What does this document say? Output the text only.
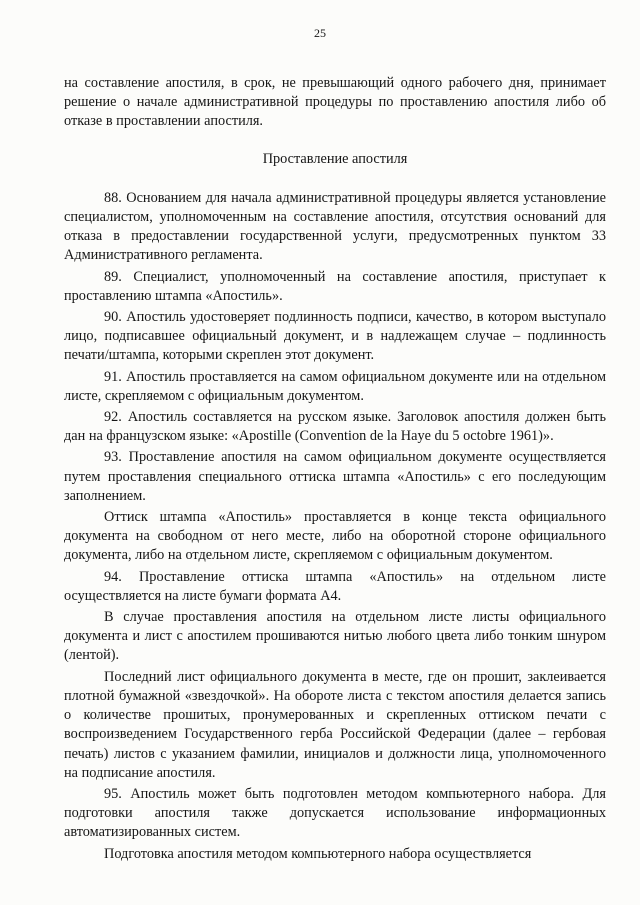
25

на составление апостиля, в срок, не превышающий одного рабочего дня, принимает решение о начале административной процедуры по проставлению апостиля либо об отказе в проставлении апостиля.

Проставление апостиля

88. Основанием для начала административной процедуры является установление специалистом, уполномоченным на составление апостиля, отсутствия оснований для отказа в предоставлении государственной услуги, предусмотренных пунктом 33 Административного регламента.

89. Специалист, уполномоченный на составление апостиля, приступает к проставлению штампа «Апостиль».

90. Апостиль удостоверяет подлинность подписи, качество, в котором выступало лицо, подписавшее официальный документ, и в надлежащем случае – подлинность печати/штампа, которыми скреплен этот документ.

91. Апостиль проставляется на самом официальном документе или на отдельном листе, скрепляемом с официальным документом.

92. Апостиль составляется на русском языке. Заголовок апостиля должен быть дан на французском языке: «Apostille (Convention de la Haye du 5 octobre 1961)».

93. Проставление апостиля на самом официальном документе осуществляется путем проставления специального оттиска штампа «Апостиль» с его последующим заполнением.

Оттиск штампа «Апостиль» проставляется в конце текста официального документа на свободном от него месте, либо на оборотной стороне официального документа, либо на отдельном листе, скрепляемом с официальным документом.

94. Проставление оттиска штампа «Апостиль» на отдельном листе осуществляется на листе бумаги формата А4.

В случае проставления апостиля на отдельном листе листы официального документа и лист с апостилем прошиваются нитью любого цвета либо тонким шнуром (лентой).

Последний лист официального документа в месте, где он прошит, заклеивается плотной бумажной «звездочкой». На обороте листа с текстом апостиля делается запись о количестве прошитых, пронумерованных и скрепленных оттиском печати с воспроизведением Государственного герба Российской Федерации (далее – гербовая печать) листов с указанием фамилии, инициалов и должности лица, уполномоченного на подписание апостиля.

95. Апостиль может быть подготовлен методом компьютерного набора. Для подготовки апостиля также допускается использование информационных автоматизированных систем.

Подготовка апостиля методом компьютерного набора осуществляется
